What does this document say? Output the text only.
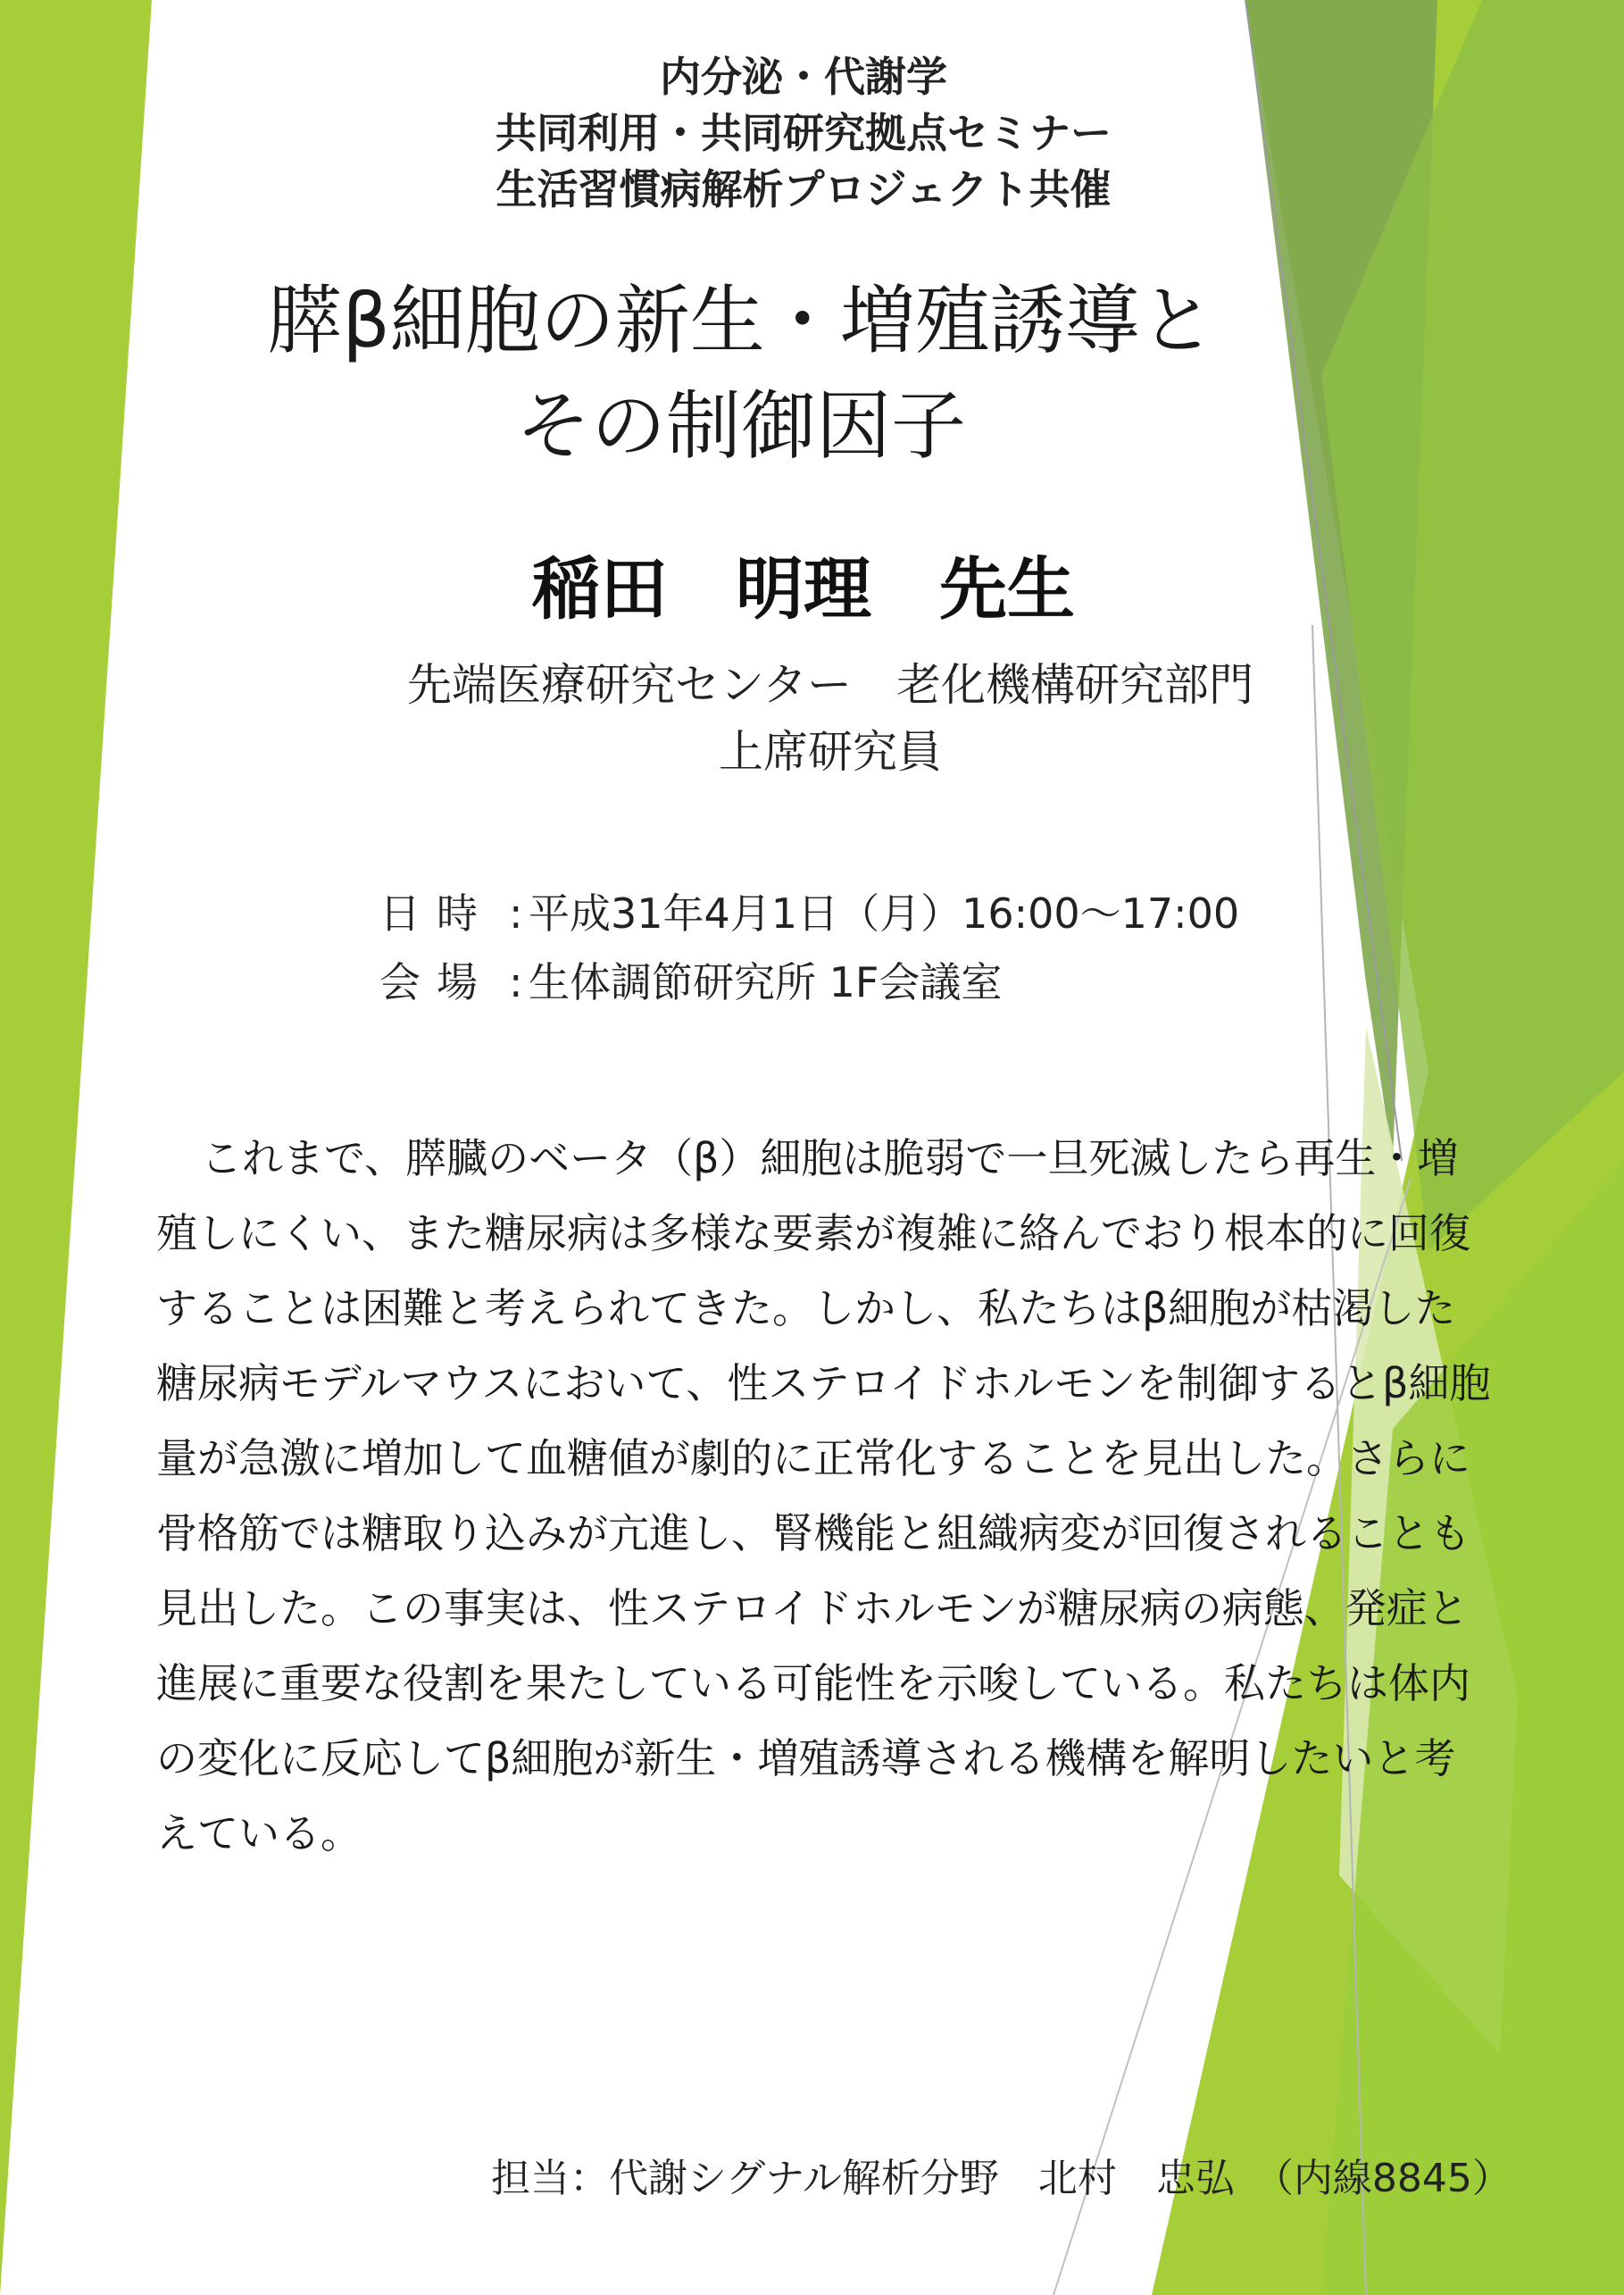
内分泌・代謝学
共同利用・共同研究拠点セミナー
生活習慣病解析プロジェクト共催
膵β細胞の新生・増殖誘導と
その制御因子
稲田　明理　先生
先端医療研究センター　老化機構研究部門
上席研究員
日時 : 平成31年4月1日（月）16:00～17:00
会場 : 生体調節研究所 1F会議室

これまで、膵臓のベータ（β）細胞は脆弱で一旦死滅したら再生・増殖しにくい、また糖尿病は多様な要素が複雑に絡んでおり根本的に回復することは困難と考えられてきた。しかし、私たちはβ細胞が枯渇した糖尿病モデルマウスにおいて、性ステロイドホルモンを制御するとβ細胞量が急激に増加して血糖値が劇的に正常化することを見出した。さらに骨格筋では糖取り込みが亢進し、腎機能と組織病変が回復されることも見出した。この事実は、性ステロイドホルモンが糖尿病の病態、発症と進展に重要な役割を果たしている可能性を示唆している。私たちは体内の変化に反応してβ細胞が新生・増殖誘導される機構を解明したいと考えている。

担当：代謝シグナル解析分野　北村　忠弘　（内線8845）
